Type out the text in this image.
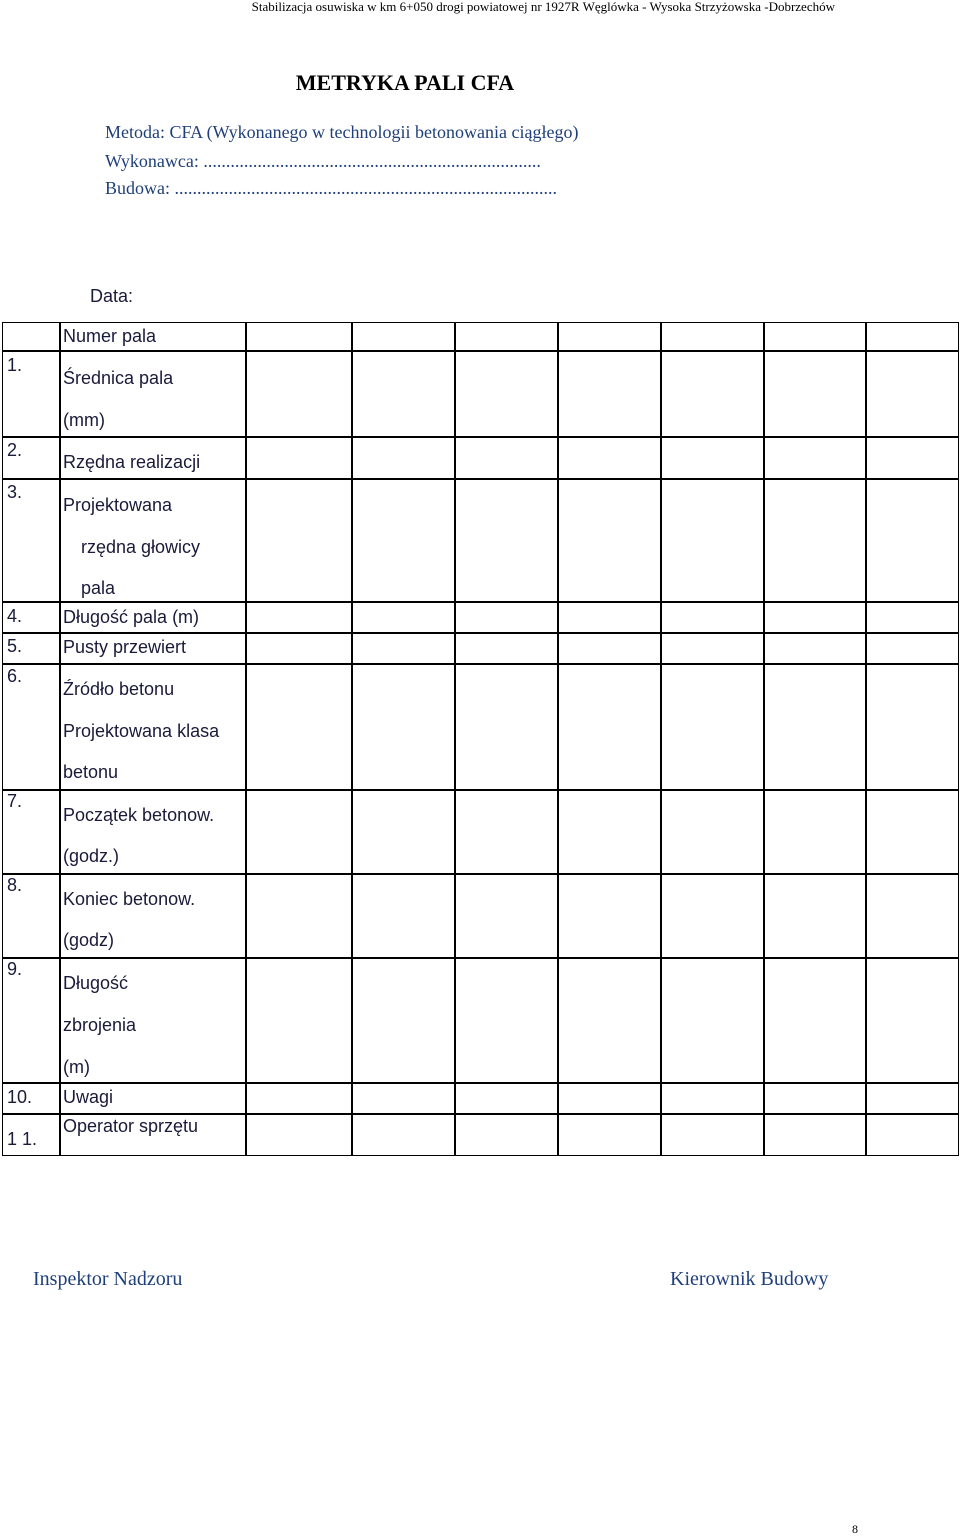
Stabilizacja osuwiska w km 6+050 drogi powiatowej nr 1927R Węglówka - Wysoka Strzyżowska -Dobrzechów
METRYKA PALI CFA
Metoda: CFA (Wykonanego w technologii betonowania ciągłego)
Wykonawca: ...........................................................................
Budowa: .....................................................................................
Data:
1.
2.
3.
4.
5.
6.
7.
8.
9.
10.
1 1.
Numer pala
Średnica pala
(mm)
Rzędna realizacji
Projektowana
rzędna głowicy
pala
Długość pala (m)
Pusty przewiert
Źródło betonu
Projektowana klasa
betonu
Początek betonow.
(godz.)
Koniec betonow.
(godz)
Długość
zbrojenia
(m)
Uwagi
Operator sprzętu
Inspektor Nadzoru	Kierownik Budowy
8
